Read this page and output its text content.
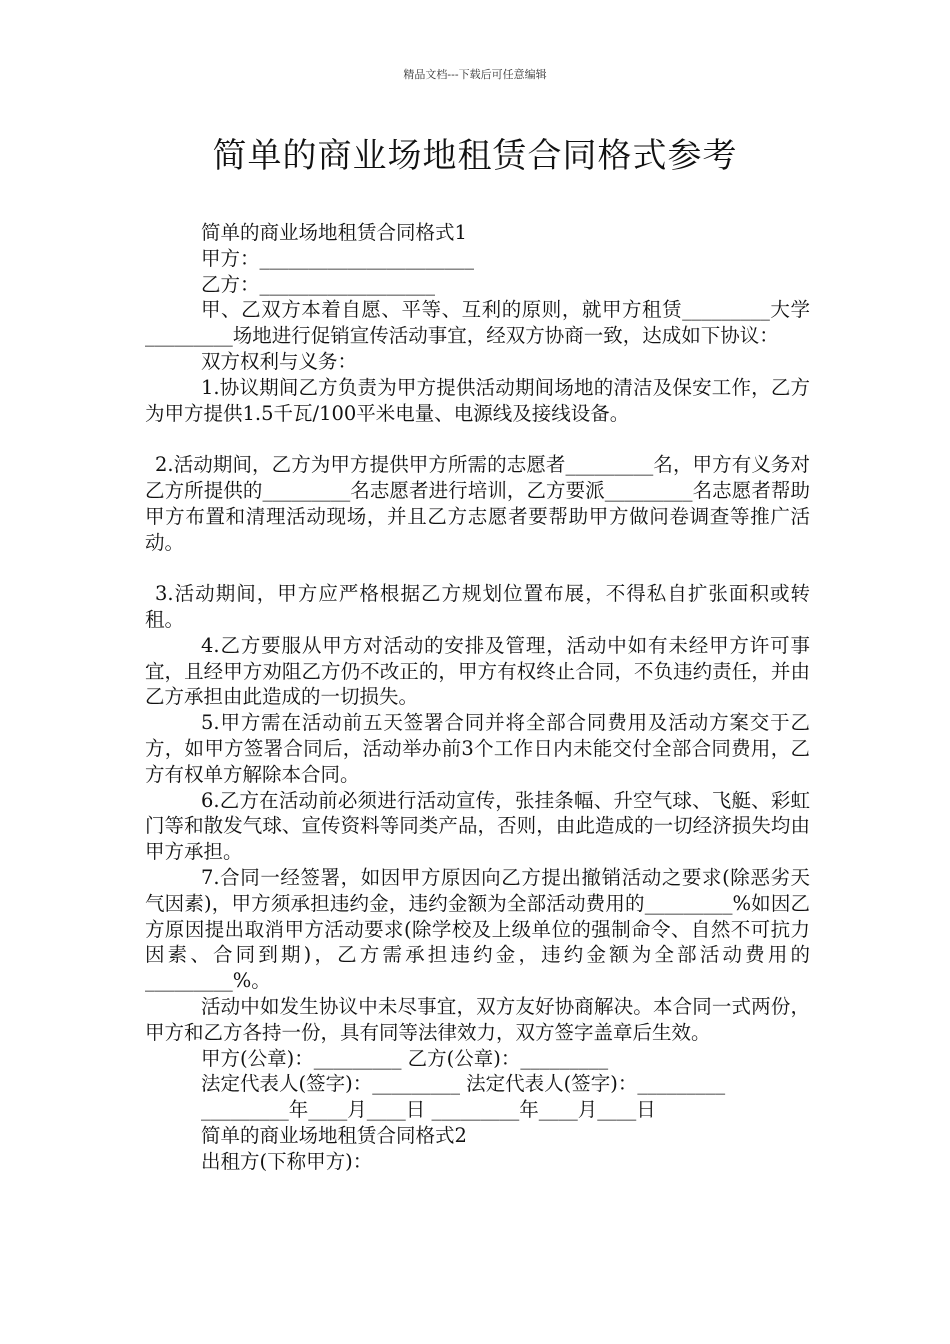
精品文档---下载后可任意编辑
简单的商业场地租赁合同格式参考

简单的商业场地租赁合同格式1

甲方：______________________

乙方：__________________

甲、乙双方本着自愿、平等、互利的原则，就甲方租赁_________大学_________场地进行促销宣传活动事宜，经双方协商一致，达成如下协议：

双方权利与义务：

1.协议期间乙方负责为甲方提供活动期间场地的清洁及保安工作，乙方为甲方提供1.5千瓦/100平米电量、电源线及接线设备。

2.活动期间，乙方为甲方提供甲方所需的志愿者_________名，甲方有义务对乙方所提供的_________名志愿者进行培训，乙方要派_________名志愿者帮助甲方布置和清理活动现场，并且乙方志愿者要帮助甲方做问卷调查等推广活动。

3.活动期间，甲方应严格根据乙方规划位置布展，不得私自扩张面积或转租。

4.乙方要服从甲方对活动的安排及管理，活动中如有未经甲方许可事宜，且经甲方劝阻乙方仍不改正的，甲方有权终止合同，不负违约责任，并由乙方承担由此造成的一切损失。

5.甲方需在活动前五天签署合同并将全部合同费用及活动方案交于乙方，如甲方签署合同后，活动举办前3个工作日内未能交付全部合同费用，乙方有权单方解除本合同。

6.乙方在活动前必须进行活动宣传，张挂条幅、升空气球、飞艇、彩虹门等和散发气球、宣传资料等同类产品，否则，由此造成的一切经济损失均由甲方承担。

7.合同一经签署，如因甲方原因向乙方提出撤销活动之要求(除恶劣天气因素)，甲方须承担违约金，违约金额为全部活动费用的_________%如因乙方原因提出取消甲方活动要求(除学校及上级单位的强制命令、自然不可抗力因素、合同到期)，乙方需承担违约金，违约金额为全部活动费用的_________%。

活动中如发生协议中未尽事宜，双方友好协商解决。本合同一式两份，甲方和乙方各持一份，具有同等法律效力，双方签字盖章后生效。

甲方(公章)：_________ 乙方(公章)：_________

法定代表人(签字)：_________ 法定代表人(签字)：_________

_________年____月____日 _________年____月____日

简单的商业场地租赁合同格式2

出租方(下称甲方)：
